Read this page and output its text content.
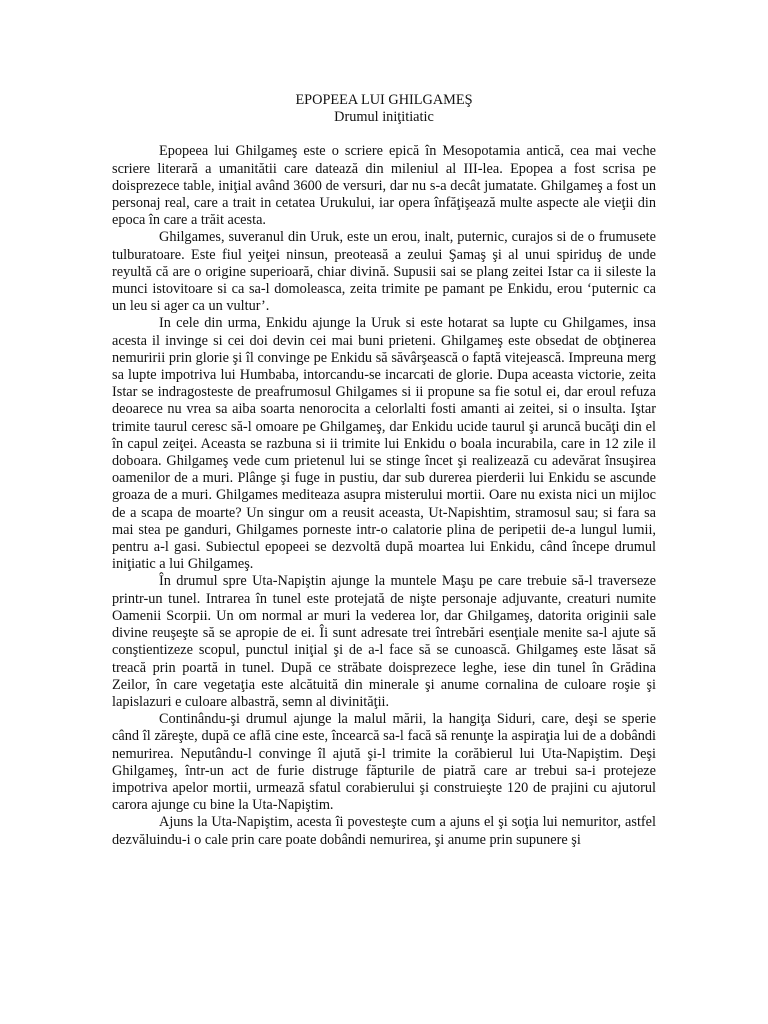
EPOPEEA LUI GHILGAMEŞ
Drumul iniţitiatic

Epopeea lui Ghilgameş este o scriere epică în Mesopotamia antică, cea mai veche scriere literară a umanitătii care datează din mileniul al III-lea. Epopea a fost scrisa pe doisprezece table, iniţial având 3600 de versuri, dar nu s-a decât jumatate. Ghilgameş a fost un personaj real, care a trait in cetatea Urukului, iar opera înfăţişează multe aspecte ale vieţii din epoca în care a trăit acesta.

Ghilgames, suveranul din Uruk, este un erou, inalt, puternic, curajos si de o frumusete tulburatoare. Este fiul yeiţei ninsun, preoteasă a zeului Şamaş şi al unui spiriduş de unde reyultă că are o origine superioară, chiar divină. Supusii sai se plang zeitei Istar ca ii sileste la munci istovitoare si ca sa-l domoleasca, zeita trimite pe pamant pe Enkidu, erou ‘puternic ca un leu si ager ca un vultur’.

In cele din urma, Enkidu ajunge la Uruk si este hotarat sa lupte cu Ghilgames, insa acesta il invinge si cei doi devin cei mai buni prieteni. Ghilgameş este obsedat de obţinerea nemuririi prin glorie şi îl convinge pe Enkidu să săvârşească o faptă vitejească. Impreuna merg sa lupte impotriva lui Humbaba, intorcandu-se incarcati de glorie. Dupa aceasta victorie, zeita Istar se indragosteste de preafrumosul Ghilgames si ii propune sa fie sotul ei, dar eroul refuza deoarece nu vrea sa aiba soarta nenorocita a celorlalti fosti amanti ai zeitei, si o insulta. Iştar trimite taurul ceresc să-l omoare pe Ghilgameş, dar Enkidu ucide taurul şi aruncă bucăţi din el în capul zeiţei. Aceasta se razbuna si ii trimite lui Enkidu o boala incurabila, care in 12 zile il doboara. Ghilgameş vede cum prietenul lui se stinge încet şi realizează cu adevărat însuşirea oamenilor de a muri. Plânge şi fuge in pustiu, dar sub durerea pierderii lui Enkidu se ascunde groaza de a muri. Ghilgames mediteaza asupra misterului mortii. Oare nu exista nici un mijloc de a scapa de moarte? Un singur om a reusit aceasta, Ut-Napishtim, stramosul sau; si fara sa mai stea pe ganduri, Ghilgames porneste intr-o calatorie plina de peripetii de-a lungul lumii, pentru a-l gasi. Subiectul epopeei se dezvoltă după moartea lui Enkidu, când începe drumul iniţiatic a lui Ghilgameş.

În drumul spre Uta-Napiştin ajunge la muntele Maşu pe care trebuie să-l traverseze printr-un tunel. Intrarea în tunel este protejată de nişte personaje adjuvante, creaturi numite Oamenii Scorpii. Un om normal ar muri la vederea lor, dar Ghilgameş, datorita originii sale divine reuşeşte să se apropie de ei. Îi sunt adresate trei întrebări esenţiale menite sa-l ajute să conştientizeze scopul, punctul iniţial şi de a-l face să se cunoască. Ghilgameş este lăsat să treacă prin poartă in tunel. După ce străbate doisprezece leghe, iese din tunel în Grădina Zeilor, în care vegetaţia este alcătuită din minerale şi anume cornalina de culoare roşie şi lapislazuri e culoare albastră, semn al divinităţii.

Continându-şi drumul ajunge la malul mării, la hangiţa Siduri, care, deşi se sperie când îl zăreşte, după ce află cine este, încearcă sa-l facă să renunţe la aspiraţia lui de a dobândi nemurirea. Neputându-l convinge îl ajută şi-l trimite la corăbierul lui Uta-Napiştim. Deşi Ghilgameş, într-un act de furie distruge făpturile de piatră care ar trebui sa-i protejeze impotriva apelor mortii, urmează sfatul corabierului şi construieşte 120 de prajini cu ajutorul carora ajunge cu bine la Uta-Napiştim.

Ajuns la Uta-Napiştim, acesta îi povesteşte cum a ajuns el şi soţia lui nemuritor, astfel dezvăluindu-i o cale prin care poate dobândi nemurirea, şi anume prin supunere şi
